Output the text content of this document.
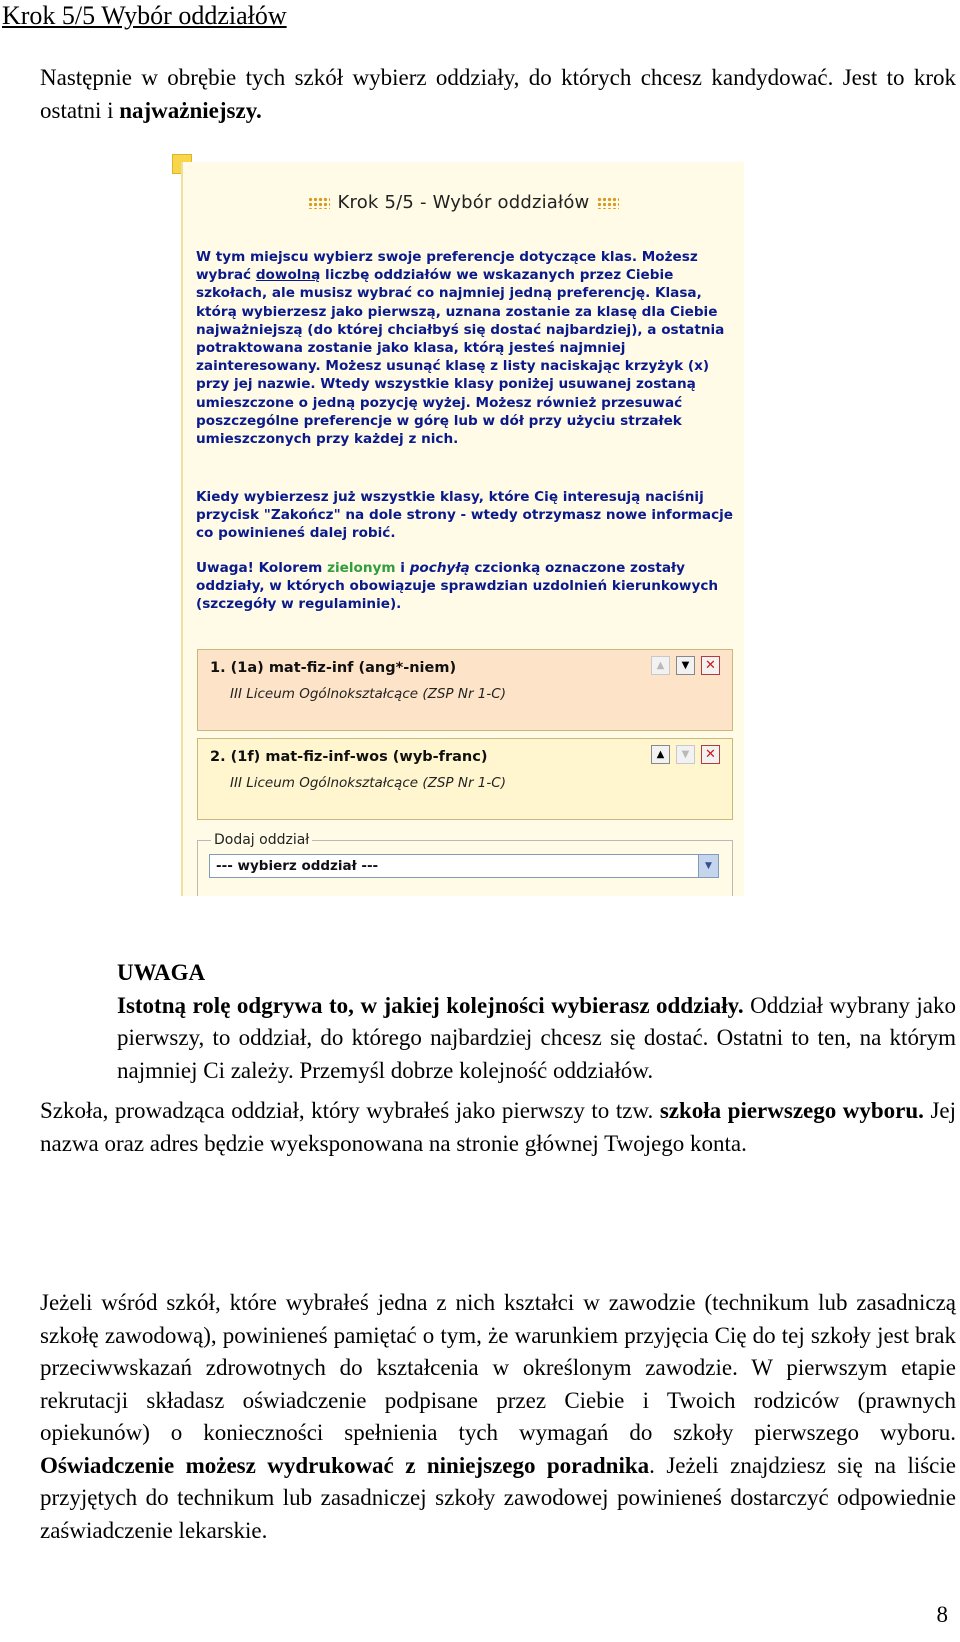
Krok 5/5 Wybór oddziałów
Następnie w obrębie tych szkół wybierz oddziały, do których chcesz kandydować. Jest to krok ostatni i najważniejszy.
Krok 5/5 - Wybór oddziałów
W tym miejscu wybierz swoje preferencje dotyczące klas. Możesz wybrać dowolną liczbę oddziałów we wskazanych przez Ciebie szkołach, ale musisz wybrać co najmniej jedną preferencję. Klasa, którą wybierzesz jako pierwszą, uznana zostanie za klasę dla Ciebie najważniejszą (do której chciałbyś się dostać najbardziej), a ostatnia potraktowana zostanie jako klasa, którą jesteś najmniej zainteresowany. Możesz usunąć klasę z listy naciskając krzyżyk (x) przy jej nazwie. Wtedy wszystkie klasy poniżej usuwanej zostaną umieszczone o jedną pozycję wyżej. Możesz również przesuwać poszczególne preferencje w górę lub w dół przy użyciu strzałek umieszczonych przy każdej z nich.
Kiedy wybierzesz już wszystkie klasy, które Cię interesują naciśnij przycisk "Zakończ" na dole strony - wtedy otrzymasz nowe informacje co powinieneś dalej robić.
Uwaga! Kolorem zielonym i pochyłą czcionką oznaczone zostały oddziały, w których obowiązuje sprawdzian uzdolnień kierunkowych (szczegóły w regulaminie).
1. (1a) mat-fiz-inf (ang*-niem)
III Liceum Ogólnokształcące (ZSP Nr 1-C)
▲	▼	✕
2. (1f) mat-fiz-inf-wos (wyb-franc)
III Liceum Ogólnokształcące (ZSP Nr 1-C)
▲	▼	✕
Dodaj oddział
--- wybierz oddział ---	▼
UWAGA
Istotną rolę odgrywa to, w jakiej kolejności wybierasz oddziały. Oddział wybrany jako pierwszy, to oddział, do którego najbardziej chcesz się dostać. Ostatni to ten, na którym najmniej Ci zależy. Przemyśl dobrze kolejność oddziałów.
Szkoła, prowadząca oddział, który wybrałeś jako pierwszy to tzw. szkoła pierwszego wyboru. Jej nazwa oraz adres będzie wyeksponowana na stronie głównej Twojego konta.
Jeżeli wśród szkół, które wybrałeś jedna z nich kształci w zawodzie (technikum lub zasadniczą szkołę zawodową), powinieneś pamiętać o tym, że warunkiem przyjęcia Cię do tej szkoły jest brak przeciwwskazań zdrowotnych do kształcenia w określonym zawodzie. W pierwszym etapie rekrutacji składasz oświadczenie podpisane przez Ciebie i Twoich rodziców (prawnych opiekunów) o konieczności spełnienia tych wymagań do szkoły pierwszego wyboru. Oświadczenie możesz wydrukować z niniejszego poradnika. Jeżeli znajdziesz się na liście przyjętych do technikum lub zasadniczej szkoły zawodowej powinieneś dostarczyć odpowiednie zaświadczenie lekarskie.
8
